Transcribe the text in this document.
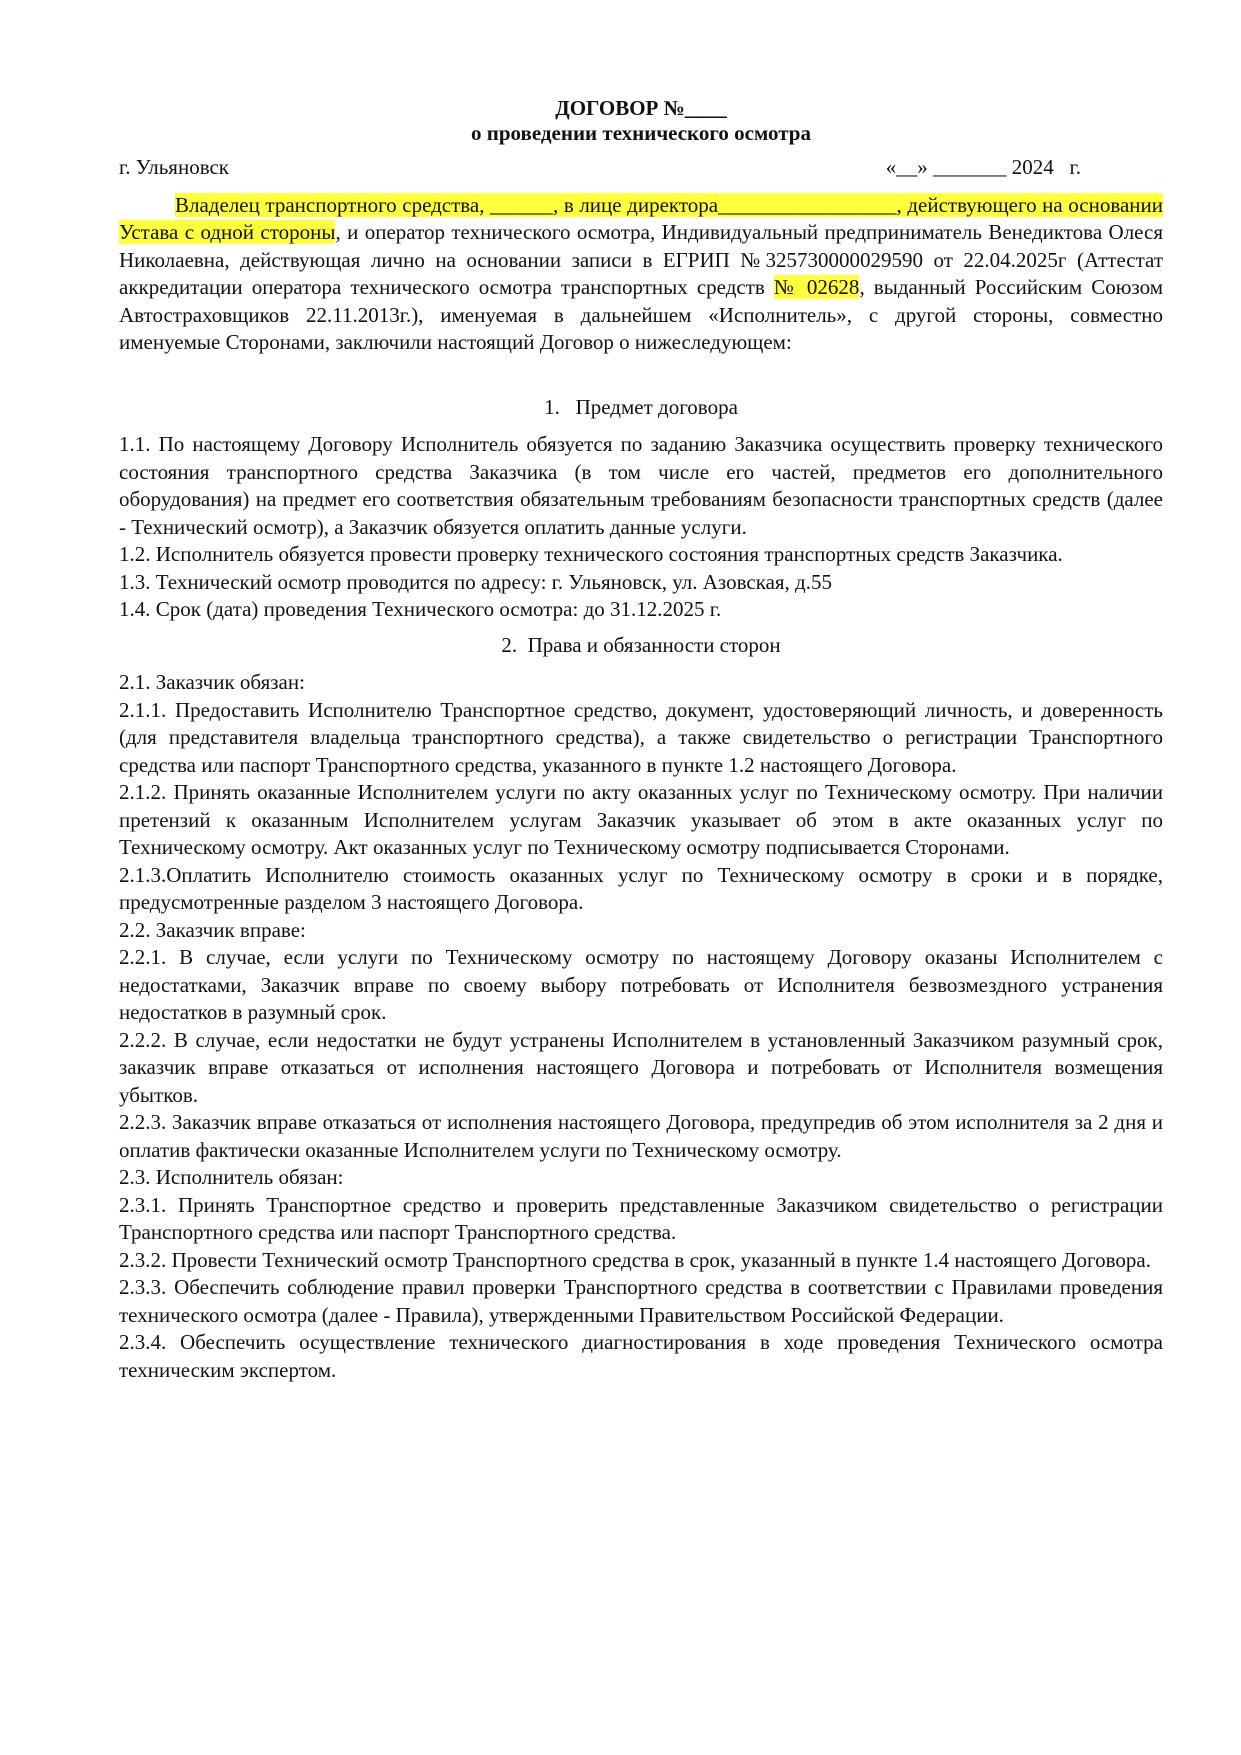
ДОГОВОР №____
о проведении технического осмотра
г. Ульяновск	«__» _______ 2024   г.
Владелец транспортного средства, ______, в лице директора_________________, действующего на основании Устава с одной стороны, и оператор технического осмотра, Индивидуальный предприниматель Венедиктова Олеся Николаевна, действующая лично на основании записи в ЕГРИП №325730000029590 от 22.04.2025г (Аттестат аккредитации оператора технического осмотра транспортных средств № 02628, выданный Российским Союзом Автостраховщиков 22.11.2013г.), именуемая в дальнейшем «Исполнитель», с другой стороны, совместно именуемые Сторонами, заключили настоящий Договор о нижеследующем:
1.   Предмет договора
1.1. По настоящему Договору Исполнитель обязуется по заданию Заказчика осуществить проверку технического состояния транспортного средства Заказчика (в том числе его частей, предметов его дополнительного оборудования) на предмет его соответствия обязательным требованиям безопасности транспортных средств (далее - Технический осмотр), а Заказчик обязуется оплатить данные услуги.
1.2. Исполнитель обязуется провести проверку технического состояния транспортных средств Заказчика.
1.3. Технический осмотр проводится по адресу: г. Ульяновск, ул. Азовская, д.55
1.4. Срок (дата) проведения Технического осмотра: до 31.12.2025 г.
2.  Права и обязанности сторон
2.1. Заказчик обязан:
2.1.1. Предоставить Исполнителю Транспортное средство, документ, удостоверяющий личность, и доверенность (для представителя владельца транспортного средства), а также свидетельство о регистрации Транспортного средства или паспорт Транспортного средства, указанного в пункте 1.2 настоящего Договора.
2.1.2. Принять оказанные Исполнителем услуги по акту оказанных услуг по Техническому осмотру. При наличии претензий к оказанным Исполнителем услугам Заказчик указывает об этом в акте оказанных услуг по Техническому осмотру. Акт оказанных услуг по Техническому осмотру подписывается Сторонами.
2.1.3.Оплатить Исполнителю стоимость оказанных услуг по Техническому осмотру в сроки и в порядке, предусмотренные разделом 3 настоящего Договора.
2.2. Заказчик вправе:
2.2.1. В случае, если услуги по Техническому осмотру по настоящему Договору оказаны Исполнителем с недостатками, Заказчик вправе по своему выбору потребовать от Исполнителя безвозмездного устранения недостатков в разумный срок.
2.2.2. В случае, если недостатки не будут устранены Исполнителем в установленный Заказчиком разумный срок, заказчик вправе отказаться от исполнения настоящего Договора и потребовать от Исполнителя возмещения убытков.
2.2.3. Заказчик вправе отказаться от исполнения настоящего Договора, предупредив об этом исполнителя за 2 дня и оплатив фактически оказанные Исполнителем услуги по Техническому осмотру.
2.3. Исполнитель обязан:
2.3.1. Принять Транспортное средство и проверить представленные Заказчиком свидетельство о регистрации Транспортного средства или паспорт Транспортного средства.
2.3.2. Провести Технический осмотр Транспортного средства в срок, указанный в пункте 1.4 настоящего Договора.
2.3.3. Обеспечить соблюдение правил проверки Транспортного средства в соответствии с Правилами проведения технического осмотра (далее - Правила), утвержденными Правительством Российской Федерации.
2.3.4. Обеспечить осуществление технического диагностирования в ходе проведения Технического осмотра техническим экспертом.
